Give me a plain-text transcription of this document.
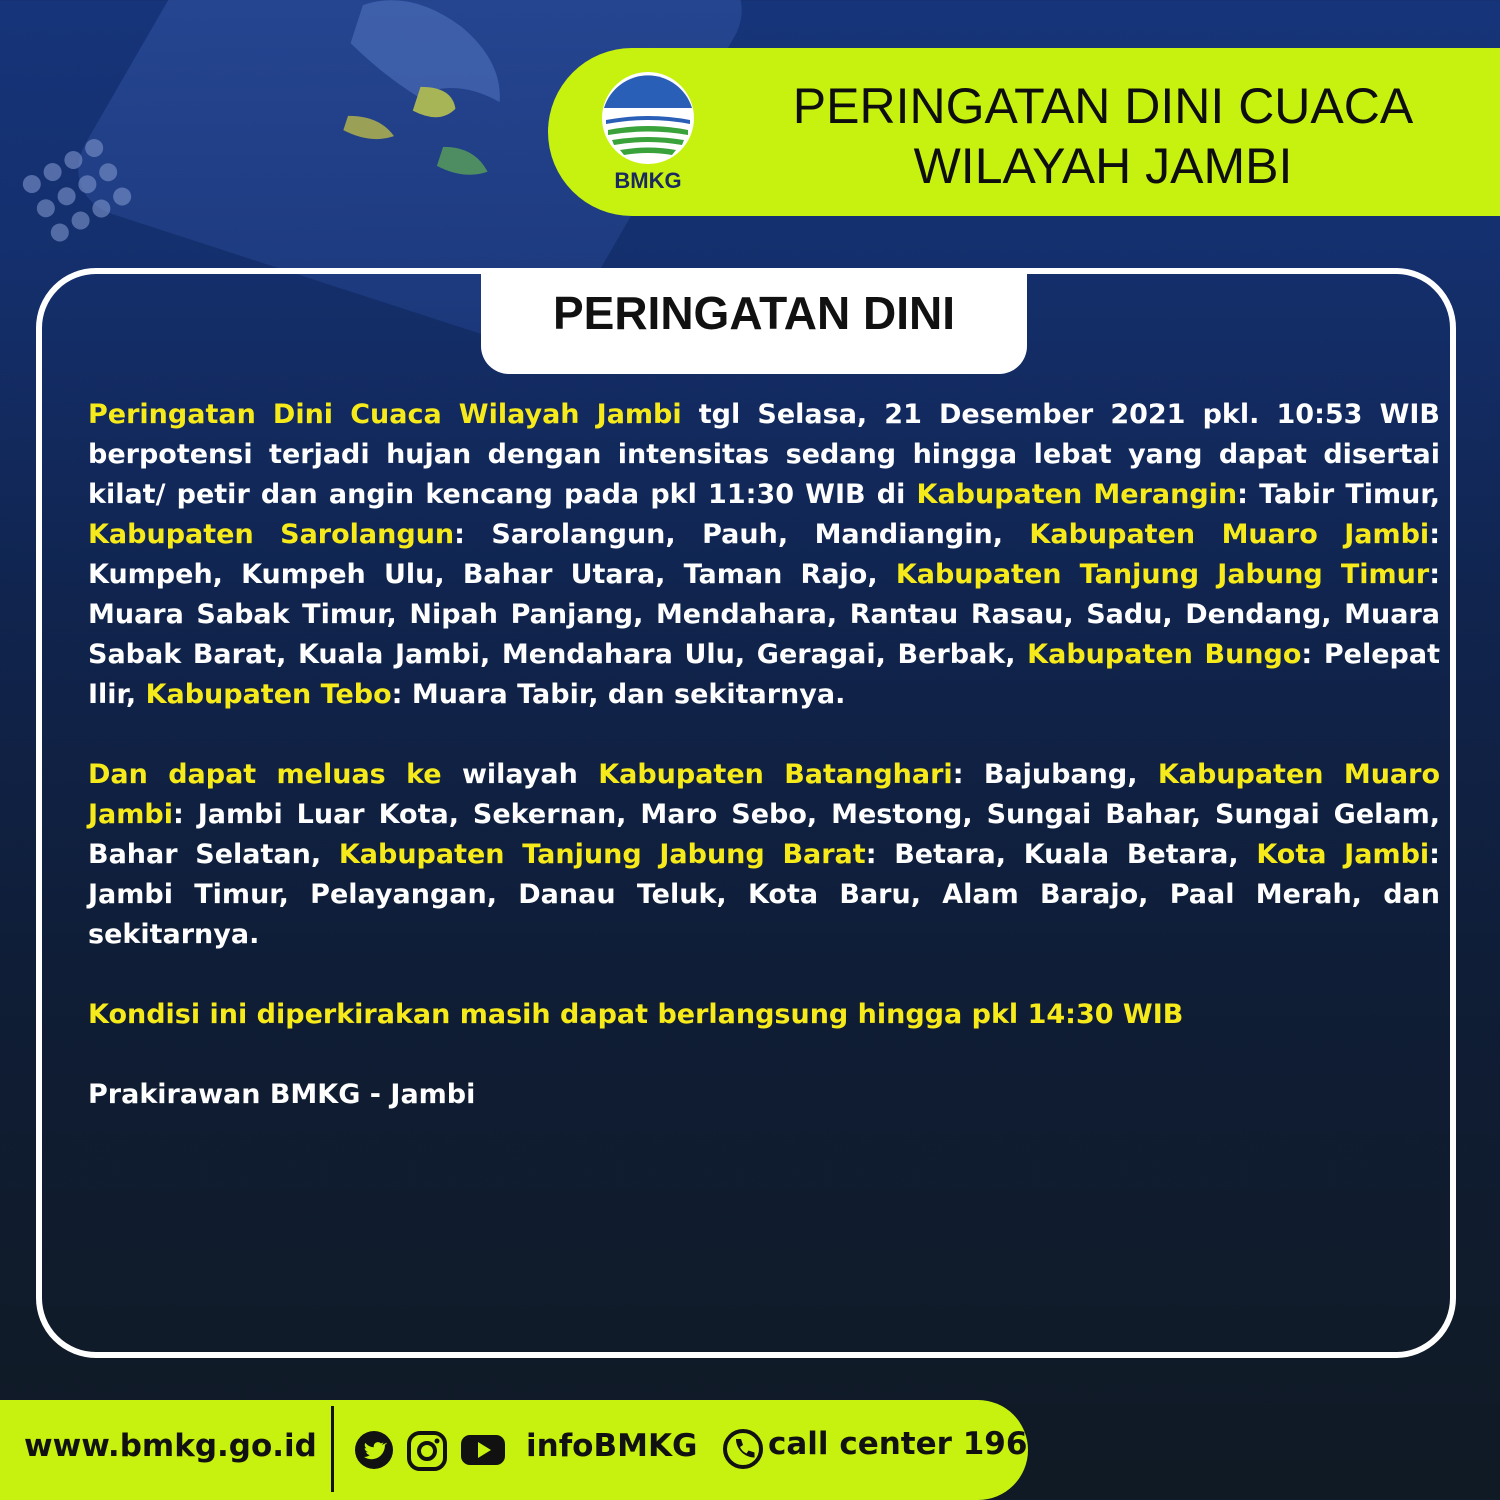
BMKG
PERINGATAN DINI CUACA
WILAYAH JAMBI
PERINGATAN DINI

Peringatan Dini Cuaca Wilayah Jambi tgl Selasa, 21 Desember 2021 pkl. 10:53 WIB berpotensi terjadi hujan dengan intensitas sedang hingga lebat yang dapat disertai kilat/ petir dan angin kencang pada pkl 11:30 WIB di Kabupaten Merangin: Tabir Timur, Kabupaten Sarolangun: Sarolangun, Pauh, Mandiangin, Kabupaten Muaro Jambi: Kumpeh, Kumpeh Ulu, Bahar Utara, Taman Rajo, Kabupaten Tanjung Jabung Timur: Muara Sabak Timur, Nipah Panjang, Mendahara, Rantau Rasau, Sadu, Dendang, Muara Sabak Barat, Kuala Jambi, Mendahara Ulu, Geragai, Berbak, Kabupaten Bungo: Pelepat Ilir, Kabupaten Tebo: Muara Tabir, dan sekitarnya.

Dan dapat meluas ke wilayah Kabupaten Batanghari: Bajubang, Kabupaten Muaro Jambi: Jambi Luar Kota, Sekernan, Maro Sebo, Mestong, Sungai Bahar, Sungai Gelam, Bahar Selatan, Kabupaten Tanjung Jabung Barat: Betara, Kuala Betara, Kota Jambi: Jambi Timur, Pelayangan, Danau Teluk, Kota Baru, Alam Barajo, Paal Merah, dan sekitarnya.

Kondisi ini diperkirakan masih dapat berlangsung hingga pkl 14:30 WIB

Prakirawan BMKG - Jambi

www.bmkg.go.id	infoBMKG call center 196
